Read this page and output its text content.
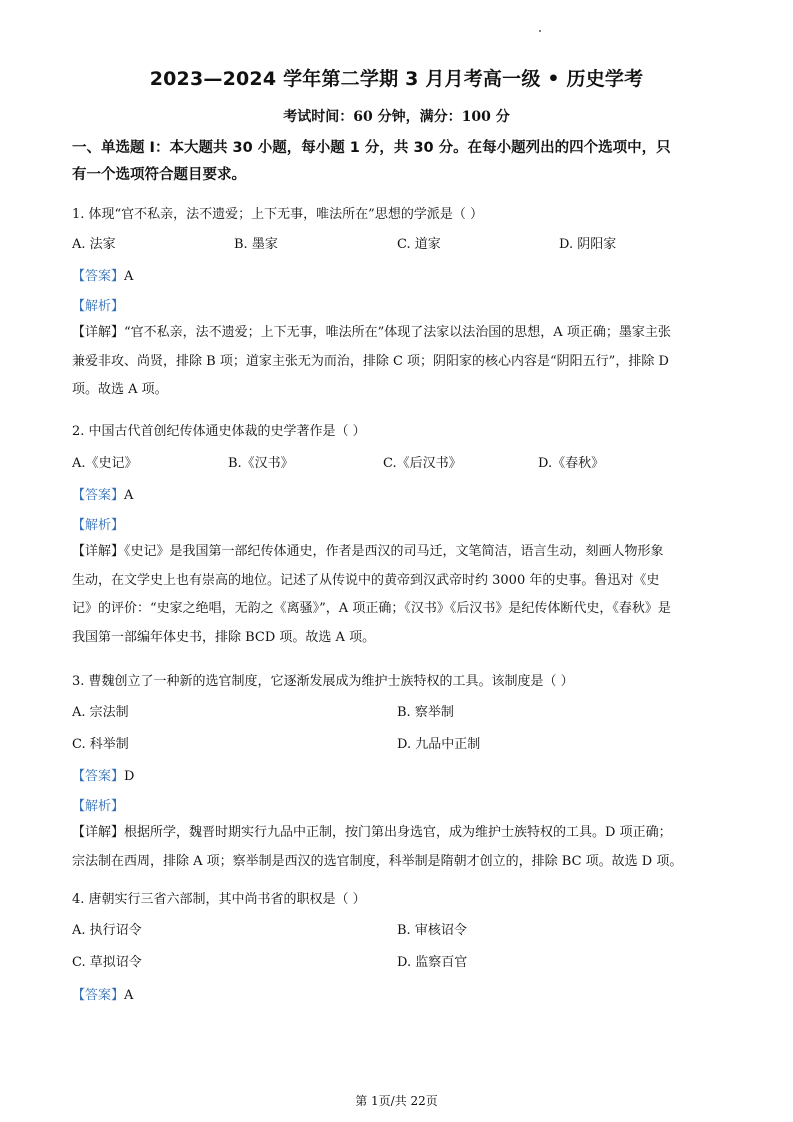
2023—2024 学年第二学期 3 月月考高一级 • 历史学考
考试时间：60 分钟，满分：100 分
一、单选题 I：本大题共 30 小题，每小题 1 分，共 30 分。在每小题列出的四个选项中，只
有一个选项符合题目要求。
1. 体现“官不私亲，法不遗爱；上下无事，唯法所在”思想的学派是（ ）
A. 法家	B. 墨家	C. 道家	D. 阴阳家
【答案】A
【解析】
【详解】“官不私亲，法不遗爱；上下无事，唯法所在”体现了法家以法治国的思想，A 项正确；墨家主张
兼爱非攻、尚贤，排除 B 项；道家主张无为而治，排除 C 项；阴阳家的核心内容是“阴阳五行”，排除 D
项。故选 A 项。
2. 中国古代首创纪传体通史体裁的史学著作是（ ）
A.《史记》	B.《汉书》	C.《后汉书》	D.《春秋》
【答案】A
【解析】
【详解】《史记》是我国第一部纪传体通史，作者是西汉的司马迁，文笔简洁，语言生动，刻画人物形象
生动，在文学史上也有崇高的地位。记述了从传说中的黄帝到汉武帝时约 3000 年的史事。鲁迅对《史
记》的评价：“史家之绝唱，无韵之《离骚》”，A 项正确；《汉书》《后汉书》是纪传体断代史，《春秋》是
我国第一部编年体史书，排除 BCD 项。故选 A 项。
3. 曹魏创立了一种新的选官制度，它逐渐发展成为维护士族特权的工具。该制度是（ ）
A. 宗法制	B. 察举制
C. 科举制	D. 九品中正制
【答案】D
【解析】
【详解】根据所学，魏晋时期实行九品中正制，按门第出身选官，成为维护士族特权的工具。D 项正确；
宗法制在西周，排除 A 项；察举制是西汉的选官制度，科举制是隋朝才创立的，排除 BC 项。故选 D 项。
4. 唐朝实行三省六部制，其中尚书省的职权是（ ）
A. 执行诏令	B. 审核诏令
C. 草拟诏令	D. 监察百官
【答案】A
第 1页/共 22页
